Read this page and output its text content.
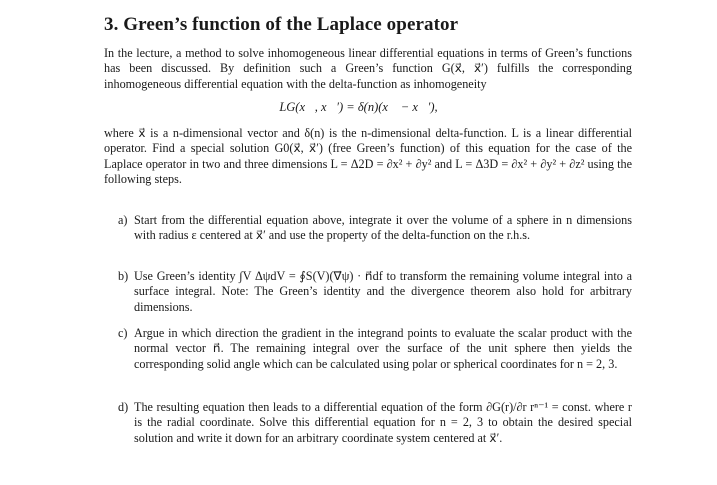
3. Green’s function of the Laplace operator
In the lecture, a method to solve inhomogeneous linear differential equations in terms of Green’s functions has been discussed. By definition such a Green’s function G(x⃗, x⃗′) fulfills the corresponding inhomogeneous differential equation with the delta-function as inhomogeneity
LG(x⃗, x⃗′) = δ(n)(x⃗ − x⃗′),
where x⃗ is a n-dimensional vector and δ(n) is the n-dimensional delta-function. L is a linear differential operator. Find a special solution G0(x⃗, x⃗′) (free Green’s function) of this equation for the case of the Laplace operator in two and three dimensions L = Δ2D = ∂x² + ∂y² and L = Δ3D = ∂x² + ∂y² + ∂z² using the following steps.
a) Start from the differential equation above, integrate it over the volume of a sphere in n dimensions with radius ε centered at x⃗′ and use the property of the delta-function on the r.h.s.
b) Use Green’s identity ∫V ΔψdV = ∮S(V)(∇⃗ψ) · n⃗df to transform the remaining volume integral into a surface integral. Note: The Green’s identity and the divergence theorem also hold for arbitrary dimensions.
c) Argue in which direction the gradient in the integrand points to evaluate the scalar product with the normal vector n⃗. The remaining integral over the surface of the unit sphere then yields the corresponding solid angle which can be calculated using polar or spherical coordinates for n = 2, 3.
d) The resulting equation then leads to a differential equation of the form ∂G(r)/∂r rⁿ⁻¹ = const. where r is the radial coordinate. Solve this differential equation for n = 2, 3 to obtain the desired special solution and write it down for an arbitrary coordinate system centered at x⃗′.
